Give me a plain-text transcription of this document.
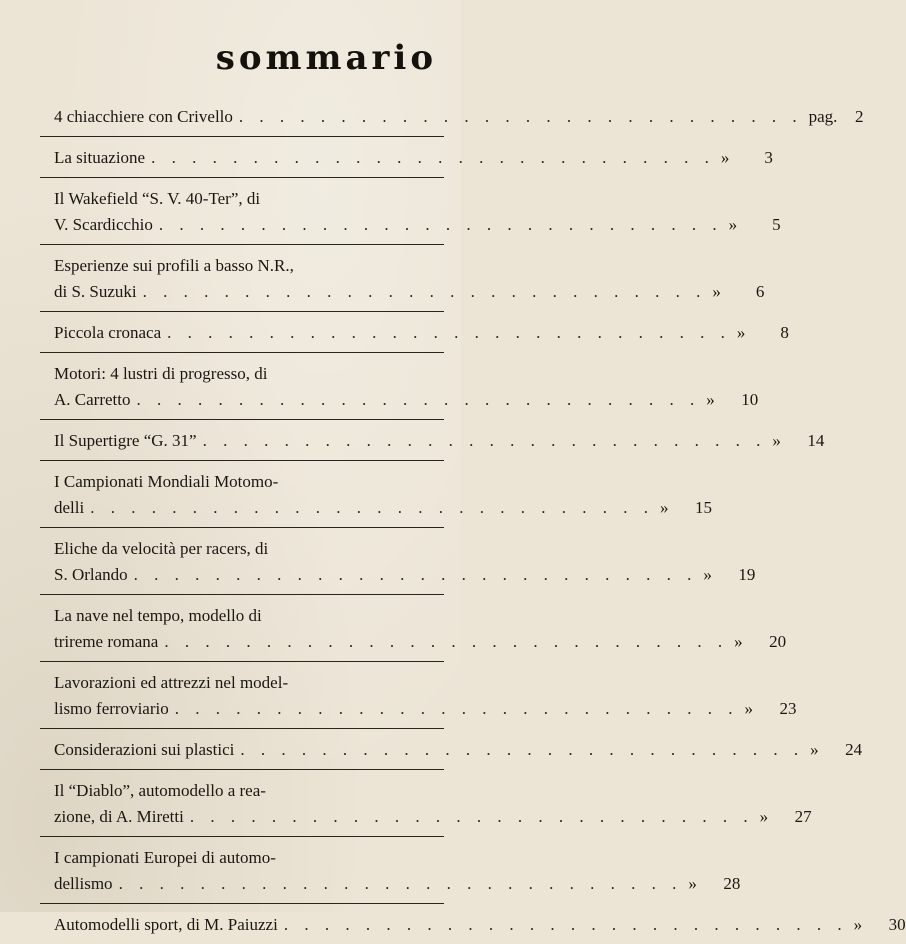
sommario
4 chiacchiere con Crivello . . . . . . . . . . . . . . . . . . . . . . . . . . . . pag.	2
La situazione . . . . . . . . . . . . . . . . . . . . . . . . . . . . »	3
Il Wakefield “S. V. 40-Ter”, di
V. Scardicchio . . . . . . . . . . . . . . . . . . . . . . . . . . . . »	5
Esperienze sui profili a basso N.R.,
di S. Suzuki . . . . . . . . . . . . . . . . . . . . . . . . . . . . »	6
Piccola cronaca . . . . . . . . . . . . . . . . . . . . . . . . . . . . »	8
Motori: 4 lustri di progresso, di
A. Carretto . . . . . . . . . . . . . . . . . . . . . . . . . . . . »	10
Il Supertigre “G. 31” . . . . . . . . . . . . . . . . . . . . . . . . . . . . »	14
I Campionati Mondiali Motomo-
delli . . . . . . . . . . . . . . . . . . . . . . . . . . . . »	15
Eliche da velocità per racers, di
S. Orlando . . . . . . . . . . . . . . . . . . . . . . . . . . . . »	19
La nave nel tempo, modello di
trireme romana . . . . . . . . . . . . . . . . . . . . . . . . . . . . »	20
Lavorazioni ed attrezzi nel model-
lismo ferroviario . . . . . . . . . . . . . . . . . . . . . . . . . . . . »	23
Considerazioni sui plastici . . . . . . . . . . . . . . . . . . . . . . . . . . . . »	24
Il “Diablo”, automodello a rea-
zione, di A. Miretti . . . . . . . . . . . . . . . . . . . . . . . . . . . . »	27
I campionati Europei di automo-
dellismo . . . . . . . . . . . . . . . . . . . . . . . . . . . . »	28
Automodelli sport, di M. Paiuzzi . . . . . . . . . . . . . . . . . . . . . . . . . . . . »	30
